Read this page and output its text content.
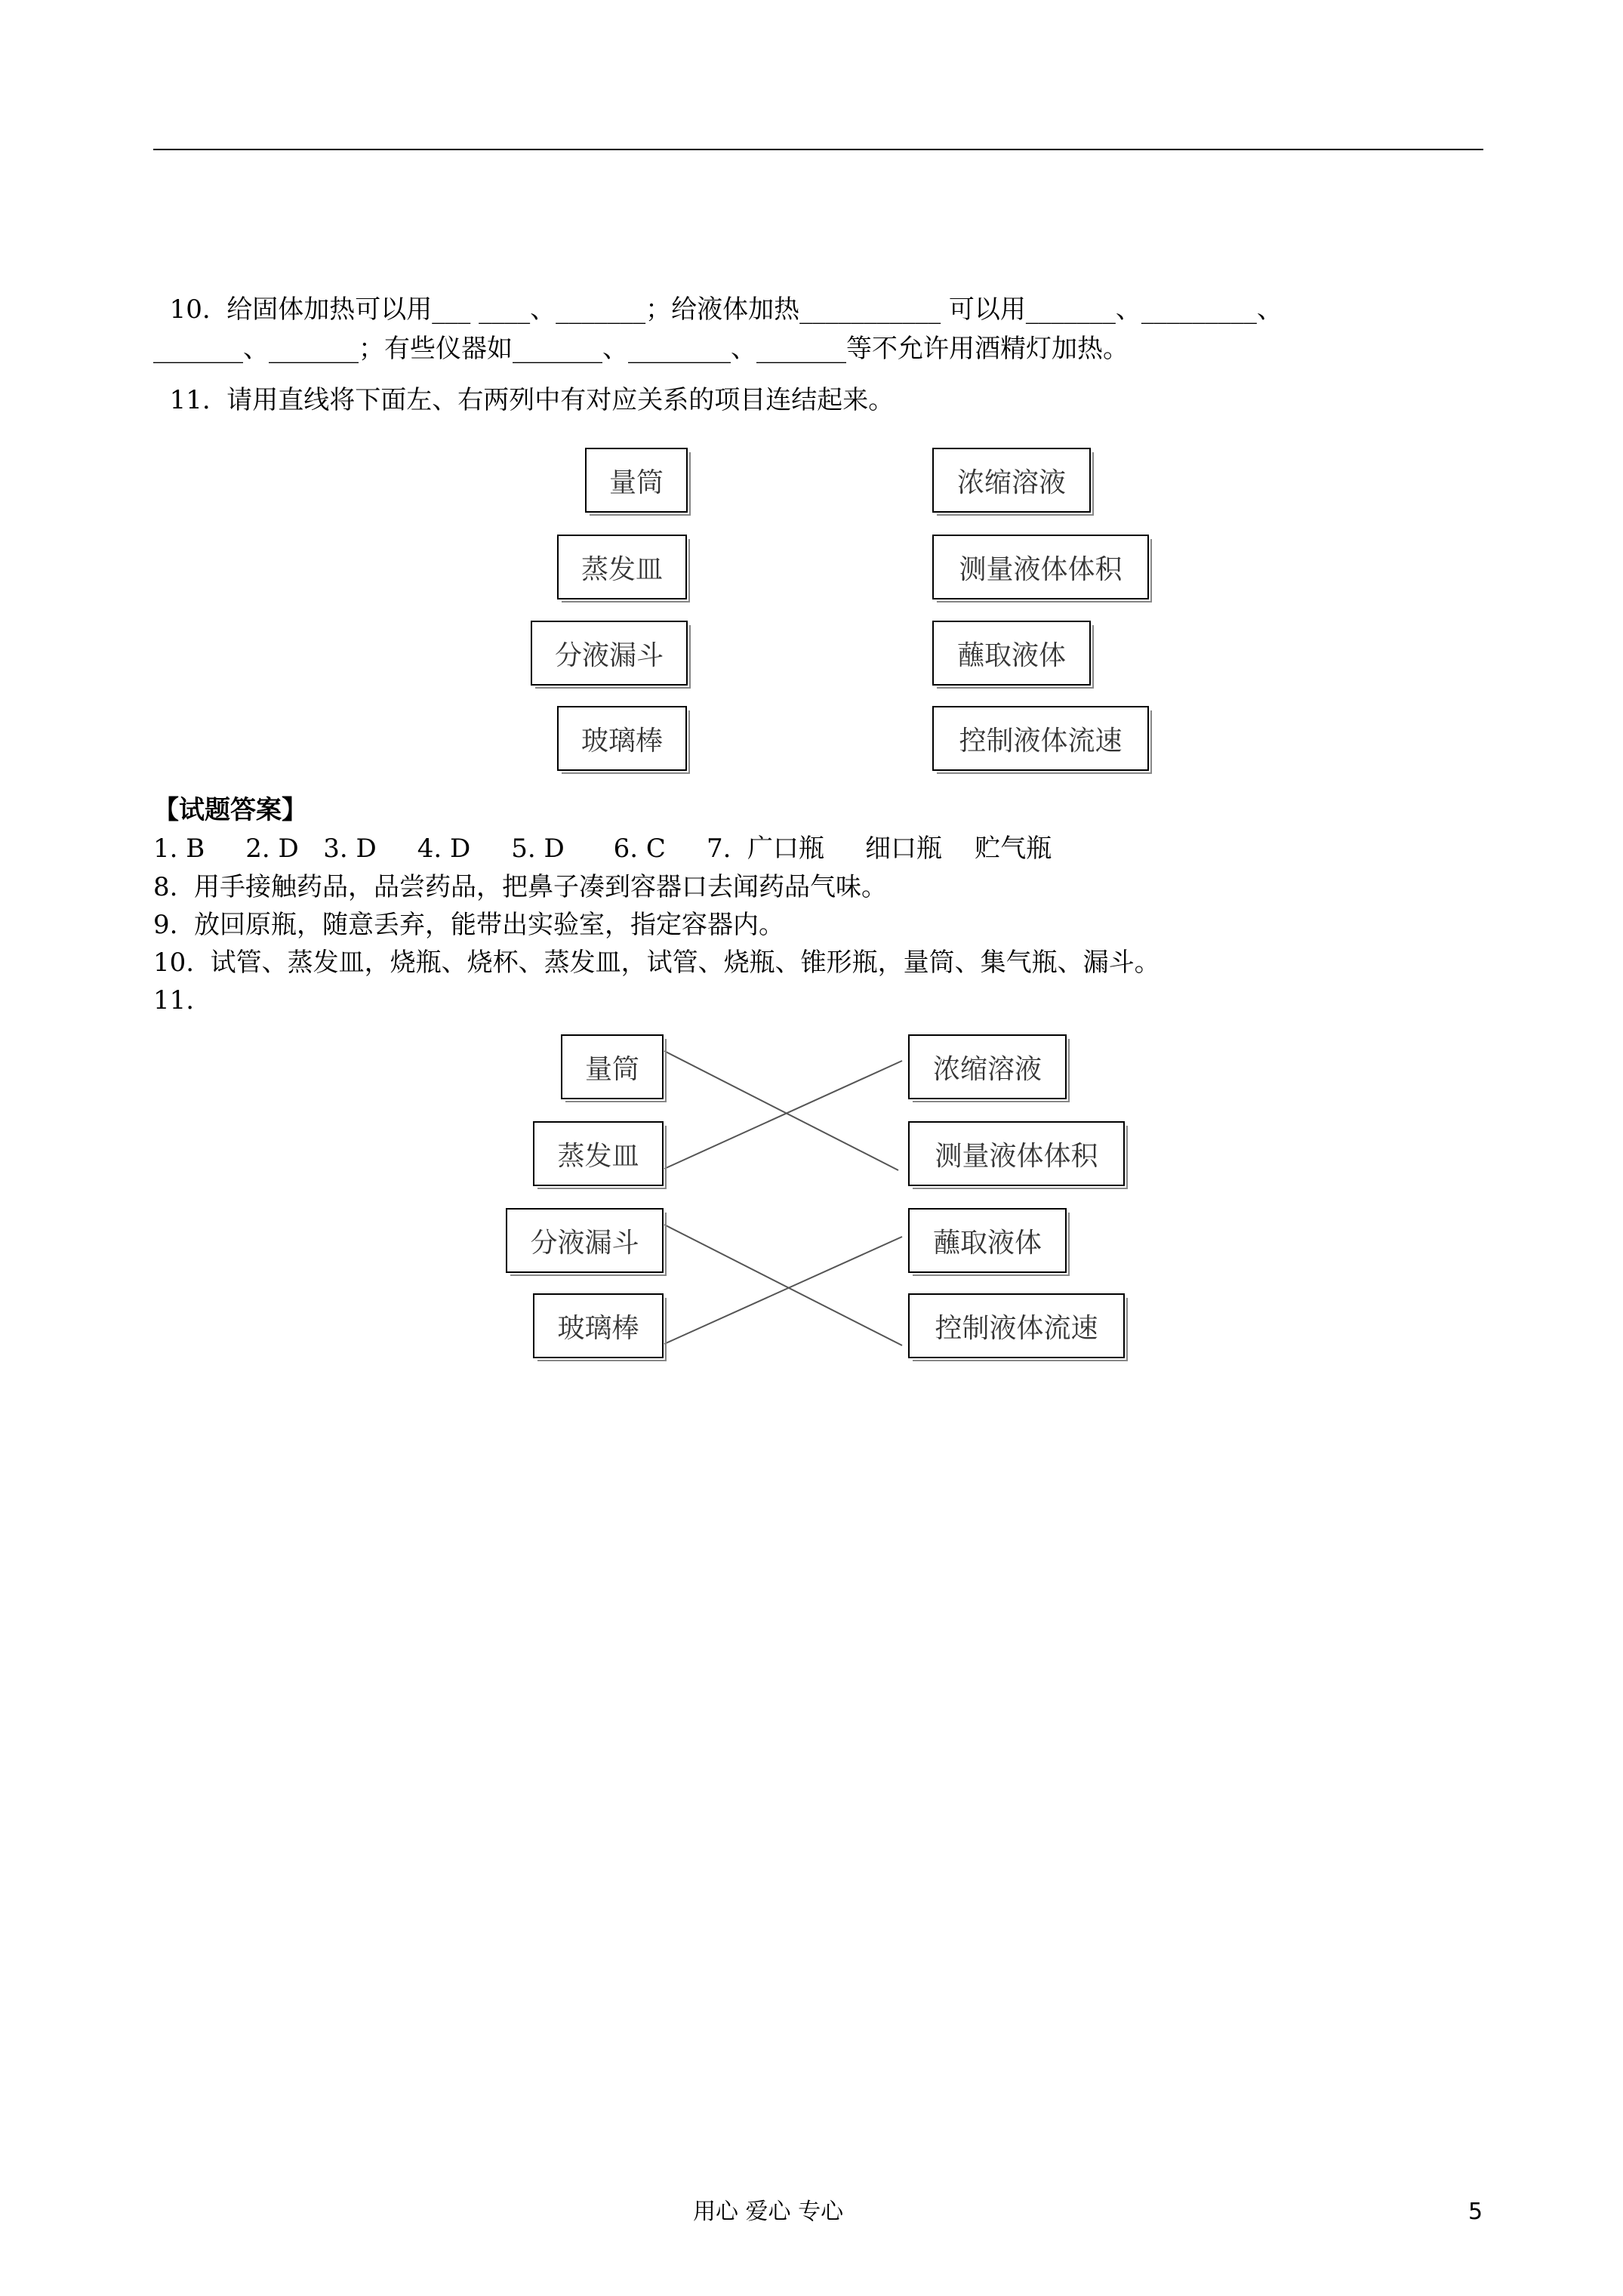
10.  给固体加热可以用___ ____、_______；给液体加热___________ 可以用_______、_________、
_______、_______；有些仪器如_______、________、_______等不允许用酒精灯加热。
11.  请用直线将下面左、右两列中有对应关系的项目连结起来。
量筒
蒸发皿
分液漏斗
玻璃棒
浓缩溶液
测量液体体积
蘸取液体
控制液体流速
【试题答案】
1. B     2. D   3. D     4. D     5. D      6. C     7.  广口瓶     细口瓶    贮气瓶
8.  用手接触药品，品尝药品，把鼻子凑到容器口去闻药品气味。
9.  放回原瓶，随意丢弃，能带出实验室，指定容器内。
10.  试管、蒸发皿，烧瓶、烧杯、蒸发皿，试管、烧瓶、锥形瓶，量筒、集气瓶、漏斗。
11.
量筒
蒸发皿
分液漏斗
玻璃棒
浓缩溶液
测量液体体积
蘸取液体
控制液体流速
用心 爱心 专心	5
